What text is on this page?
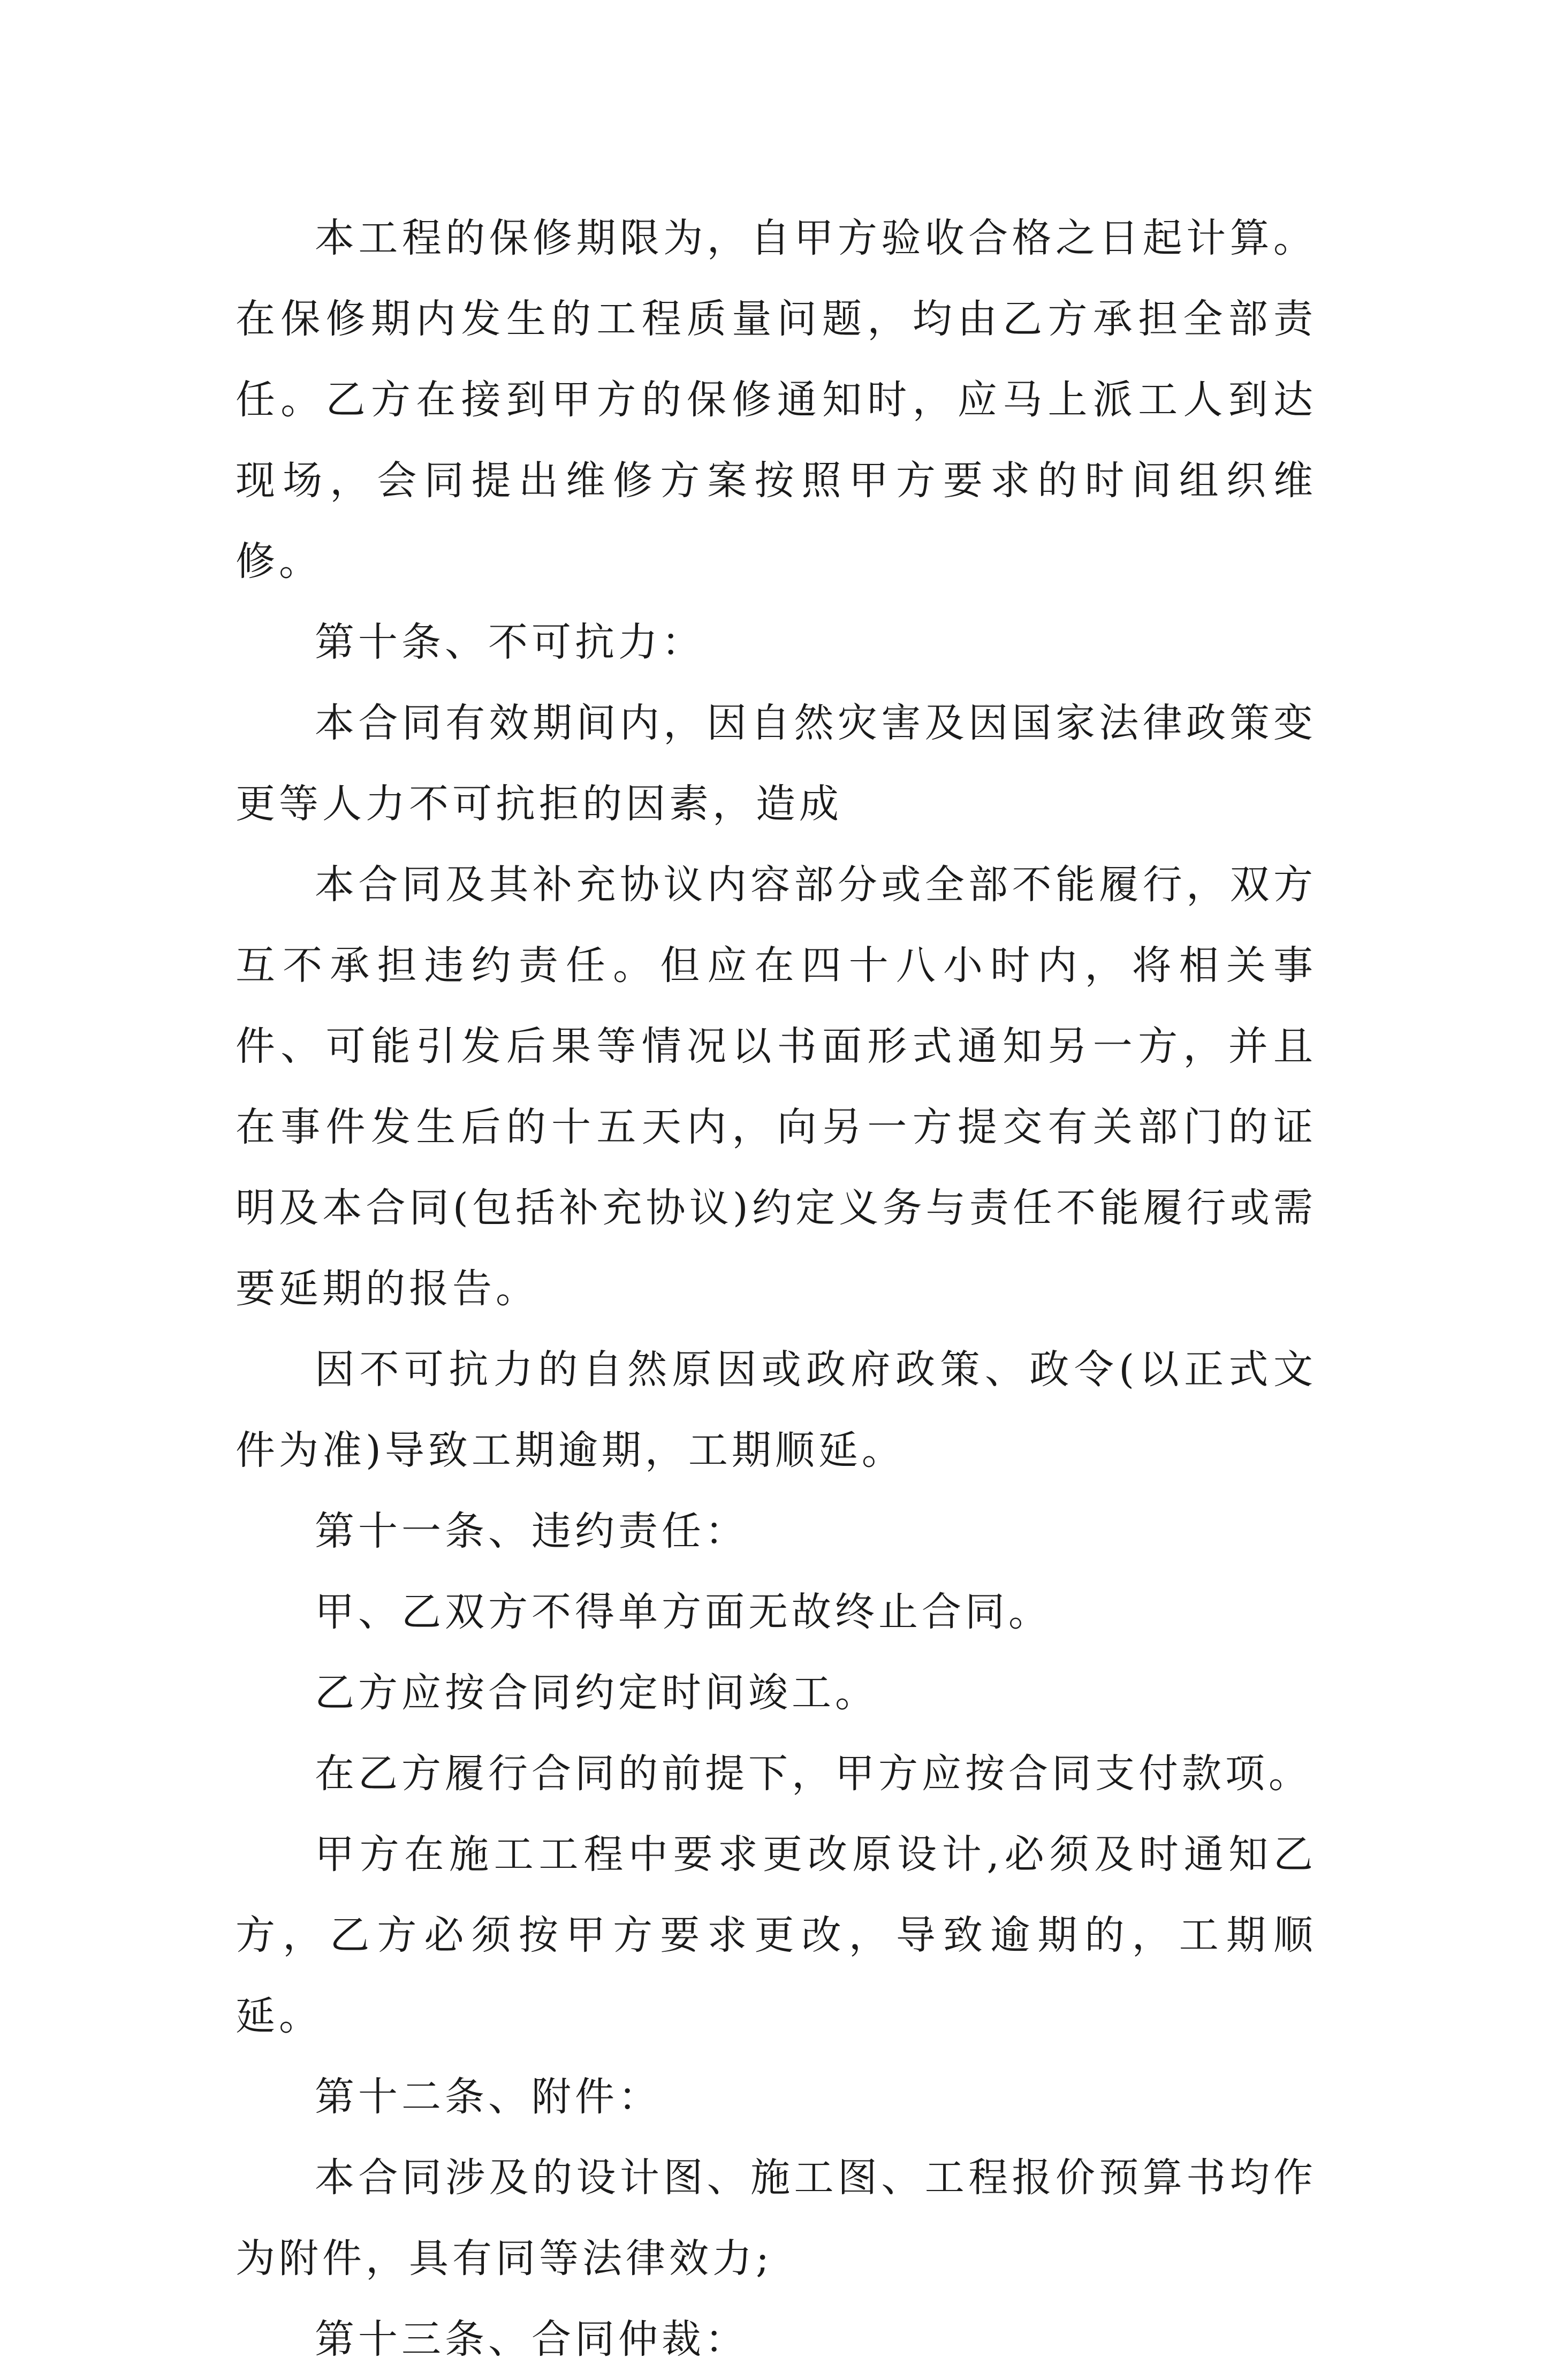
本工程的保修期限为，自甲方验收合格之日起计算。在保修期内发生的工程质量问题，均由乙方承担全部责任。乙方在接到甲方的保修通知时，应马上派工人到达现场，会同提出维修方案按照甲方要求的时间组织维修。

第十条、不可抗力：

本合同有效期间内，因自然灾害及因国家法律政策变更等人力不可抗拒的因素，造成

本合同及其补充协议内容部分或全部不能履行，双方互不承担违约责任。但应在四十八小时内，将相关事件、可能引发后果等情况以书面形式通知另一方，并且在事件发生后的十五天内，向另一方提交有关部门的证明及本合同(包括补充协议)约定义务与责任不能履行或需要延期的报告。

因不可抗力的自然原因或政府政策、政令(以正式文件为准)导致工期逾期，工期顺延。

第十一条、违约责任：

甲、乙双方不得单方面无故终止合同。

乙方应按合同约定时间竣工。

在乙方履行合同的前提下，甲方应按合同支付款项。

甲方在施工工程中要求更改原设计,必须及时通知乙方，乙方必须按甲方要求更改，导致逾期的，工期顺延。

第十二条、附件：

本合同涉及的设计图、施工图、工程报价预算书均作为附件，具有同等法律效力;

第十三条、合同仲裁：
